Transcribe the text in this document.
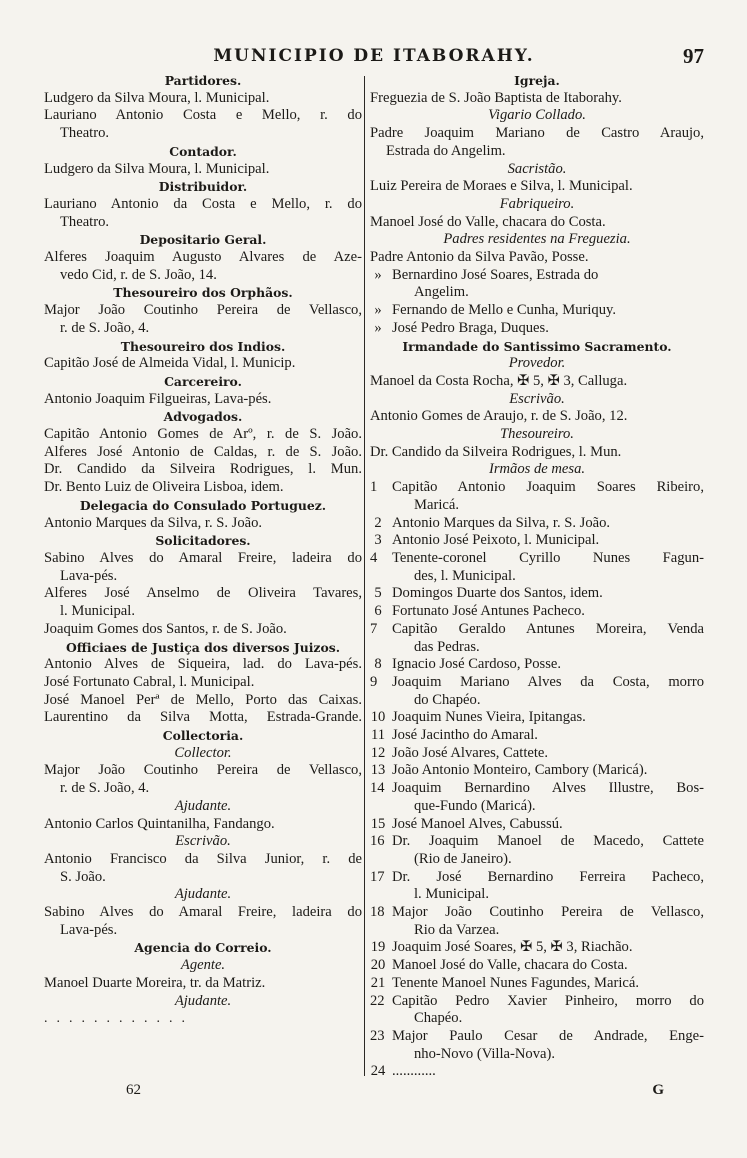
MUNICIPIO DE ITABORAHY.	97
Partidores.
Ludgero da Silva Moura, l. Municipal.
Lauriano Antonio Costa e Mello, r. do
Theatro.
Contador.
Ludgero da Silva Moura, l. Municipal.
Distribuidor.
Lauriano Antonio da Costa e Mello, r. do
Theatro.
Depositario Geral.
Alferes Joaquim Augusto Alvares de Aze-
vedo Cid, r. de S. João, 14.
Thesoureiro dos Orphãos.
Major João Coutinho Pereira de Vellasco,
r. de S. João, 4.
Thesoureiro dos Indios.
Capitão José de Almeida Vidal, l. Municip.
Carcereiro.
Antonio Joaquim Filgueiras, Lava-pés.
Advogados.
Capitão Antonio Gomes de Arº, r. de S. João.
Alferes José Antonio de Caldas, r. de S. João.
Dr. Candido da Silveira Rodrigues, l. Mun.
Dr. Bento Luiz de Oliveira Lisboa, idem.
Delegacia do Consulado Portuguez.
Antonio Marques da Silva, r. S. João.
Solicitadores.
Sabino Alves do Amaral Freire, ladeira do
Lava-pés.
Alferes José Anselmo de Oliveira Tavares,
l. Municipal.
Joaquim Gomes dos Santos, r. de S. João.
Officiaes de Justiça dos diversos Juizos.
Antonio Alves de Siqueira, lad. do Lava-pés.
José Fortunato Cabral, l. Municipal.
José Manoel Perª de Mello, Porto das Caixas.
Laurentino da Silva Motta, Estrada-Grande.
Collectoria.
Collector.
Major João Coutinho Pereira de Vellasco,
r. de S. João, 4.
Ajudante.
Antonio Carlos Quintanilha, Fandango.
Escrivão.
Antonio Francisco da Silva Junior, r. de
S. João.
Ajudante.
Sabino Alves do Amaral Freire, ladeira do
Lava-pés.
Agencia do Correio.
Agente.
Manoel Duarte Moreira, tr. da Matriz.
Ajudante.
............
Igreja.
Freguezia de S. João Baptista de Itaborahy.
Vigario Collado.
Padre Joaquim Mariano de Castro Araujo,
Estrada do Angelim.
Sacristão.
Luiz Pereira de Moraes e Silva, l. Municipal.
Fabriqueiro.
Manoel José do Valle, chacara do Costa.
Padres residentes na Freguezia.
Padre Antonio da Silva Pavão, Posse.
» Bernardino José Soares, Estrada do
Angelim.
» Fernando de Mello e Cunha, Muriquy.
» José Pedro Braga, Duques.
Irmandade do Santissimo Sacramento.
Provedor.
Manoel da Costa Rocha, ✠ 5, ✠ 3, Calluga.
Escrivão.
Antonio Gomes de Araujo, r. de S. João, 12.
Thesoureiro.
Dr. Candido da Silveira Rodrigues, l. Mun.
Irmãos de mesa.
1	Capitão Antonio Joaquim Soares Ribeiro,
Maricá.
2 Antonio Marques da Silva, r. S. João.
3 Antonio José Peixoto, l. Municipal.
4	Tenente-coronel Cyrillo Nunes Fagun-
des, l. Municipal.
5 Domingos Duarte dos Santos, idem.
6 Fortunato José Antunes Pacheco.
7	Capitão Geraldo Antunes Moreira, Venda
das Pedras.
8 Ignacio José Cardoso, Posse.
9	Joaquim Mariano Alves da Costa, morro
do Chapéo.
10 Joaquim Nunes Vieira, Ipitangas.
11 José Jacintho do Amaral.
12 João José Alvares, Cattete.
13 João Antonio Monteiro, Cambory (Maricá).
14 Joaquim Bernardino Alves Illustre, Bos-
que-Fundo (Maricá).
15 José Manoel Alves, Cabussú.
16 Dr. Joaquim Manoel de Macedo, Cattete
(Rio de Janeiro).
17 Dr. José Bernardino Ferreira Pacheco,
l. Municipal.
18 Major João Coutinho Pereira de Vellasco,
Rio da Varzea.
19 Joaquim José Soares, ✠ 5, ✠ 3, Riachão.
20 Manoel José do Valle, chacara do Costa.
21 Tenente Manoel Nunes Fagundes, Maricá.
22 Capitão Pedro Xavier Pinheiro, morro do
Chapéo.
23 Major Paulo Cesar de Andrade, Enge-
nho-Novo (Villa-Nova).
24 ............
62	G
